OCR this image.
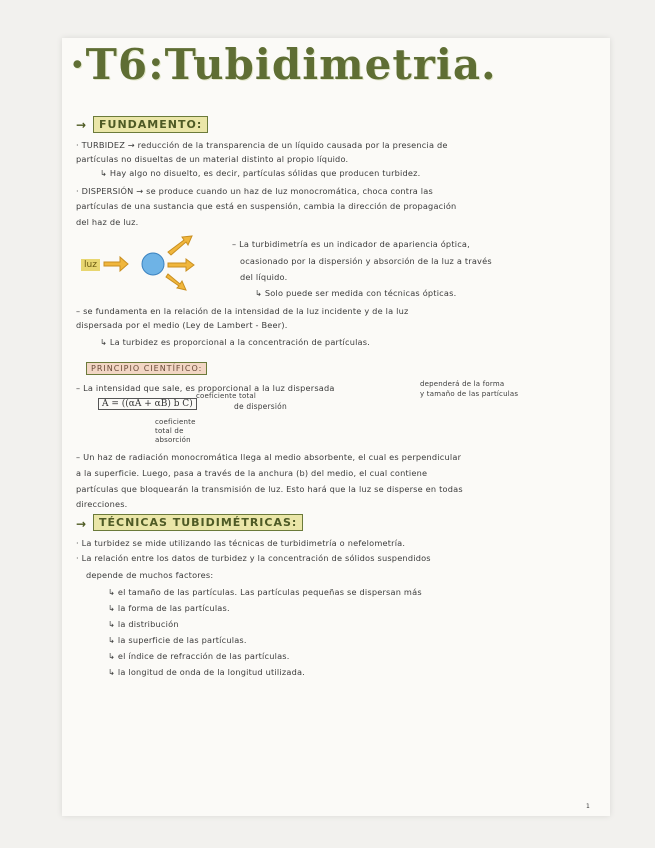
·T6:Tubidimetria.
→	FUNDAMENTO:
· TURBIDEZ → reducción de la transparencia de un líquido causada por la presencia de
partículas no disueltas de un material distinto al propio líquido.
↳ Hay algo no disuelto, es decir, partículas sólidas que producen turbidez.
· DISPERSIÓN → se produce cuando un haz de luz monocromática, choca contra las
partículas de una sustancia que está en suspensión, cambia la dirección de propagación
del haz de luz.
luz
– La turbidimetría es un indicador de apariencia óptica,
ocasionado por la dispersión y absorción de la luz a través
del líquido.
↳ Solo puede ser medida con técnicas ópticas.
– se fundamenta en la relación de la intensidad de la luz incidente y de la luz
dispersada por el medio (Ley de Lambert - Beer).
↳ La turbidez es proporcional a la concentración de partículas.
PRINCIPIO CIENTÍFICO:
– La intensidad que sale, es proporcional a la luz dispersada	dependerá de la forma
y tamaño de las partículas
coeficiente total
A = ((αA + αB) b C)	de dispersión
coeficiente
total de
absorción
– Un haz de radiación monocromática llega al medio absorbente, el cual es perpendicular
a la superficie. Luego, pasa a través de la anchura (b) del medio, el cual contiene
partículas que bloquearán la transmisión de luz. Esto hará que la luz se disperse en todas
direcciones.
→	TÉCNICAS TUBIDIMÉTRICAS:
· La turbidez se mide utilizando las técnicas de turbidimetría o nefelometría.
· La relación entre los datos de turbidez y la concentración de sólidos suspendidos
depende de muchos factores:
↳ el tamaño de las partículas. Las partículas pequeñas se dispersan más
↳ la forma de las partículas.
↳ la distribución
↳ la superficie de las partículas.
↳ el índice de refracción de las partículas.
↳ la longitud de onda de la longitud utilizada.
1
